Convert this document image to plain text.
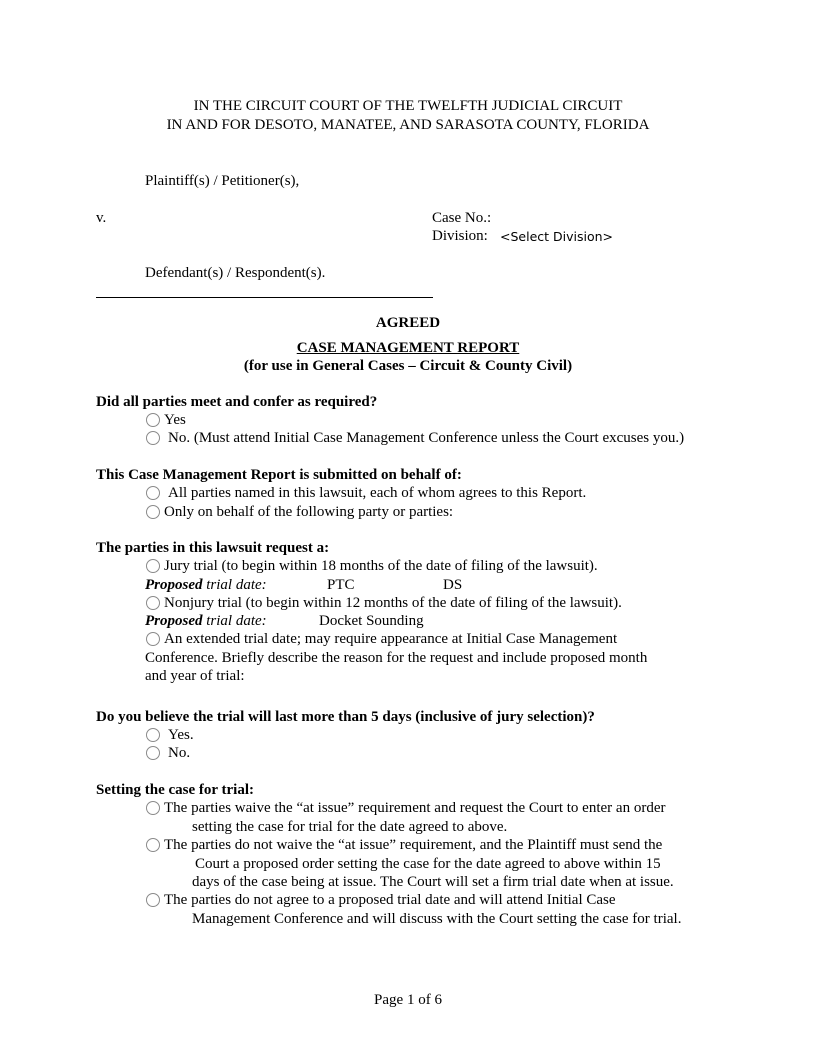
IN THE CIRCUIT COURT OF THE TWELFTH JUDICIAL CIRCUIT
IN AND FOR DESOTO, MANATEE, AND SARASOTA COUNTY, FLORIDA
Plaintiff(s) / Petitioner(s),
v.	Case No.:
Division: <Select Division>
Defendant(s) / Respondent(s).
AGREED
CASE MANAGEMENT REPORT
(for use in General Cases – Circuit & County Civil)
Did all parties meet and confer as required?
Yes
No. (Must attend Initial Case Management Conference unless the Court excuses you.)
This Case Management Report is submitted on behalf of:
All parties named in this lawsuit, each of whom agrees to this Report.
Only on behalf of the following party or parties:
The parties in this lawsuit request a:
Jury trial (to begin within 18 months of the date of filing of the lawsuit).
Proposed trial date:	PTC	DS
Nonjury trial (to begin within 12 months of the date of filing of the lawsuit).
Proposed trial date:	Docket Sounding
An extended trial date; may require appearance at Initial Case Management
Conference. Briefly describe the reason for the request and include proposed month
and year of trial:
Do you believe the trial will last more than 5 days (inclusive of jury selection)?
Yes.
No.
Setting the case for trial:
The parties waive the “at issue” requirement and request the Court to enter an order
setting the case for trial for the date agreed to above.
The parties do not waive the “at issue” requirement, and the Plaintiff must send the
Court a proposed order setting the case for the date agreed to above within 15
days of the case being at issue. The Court will set a firm trial date when at issue.
The parties do not agree to a proposed trial date and will attend Initial Case
Management Conference and will discuss with the Court setting the case for trial.
Page 1 of 6
